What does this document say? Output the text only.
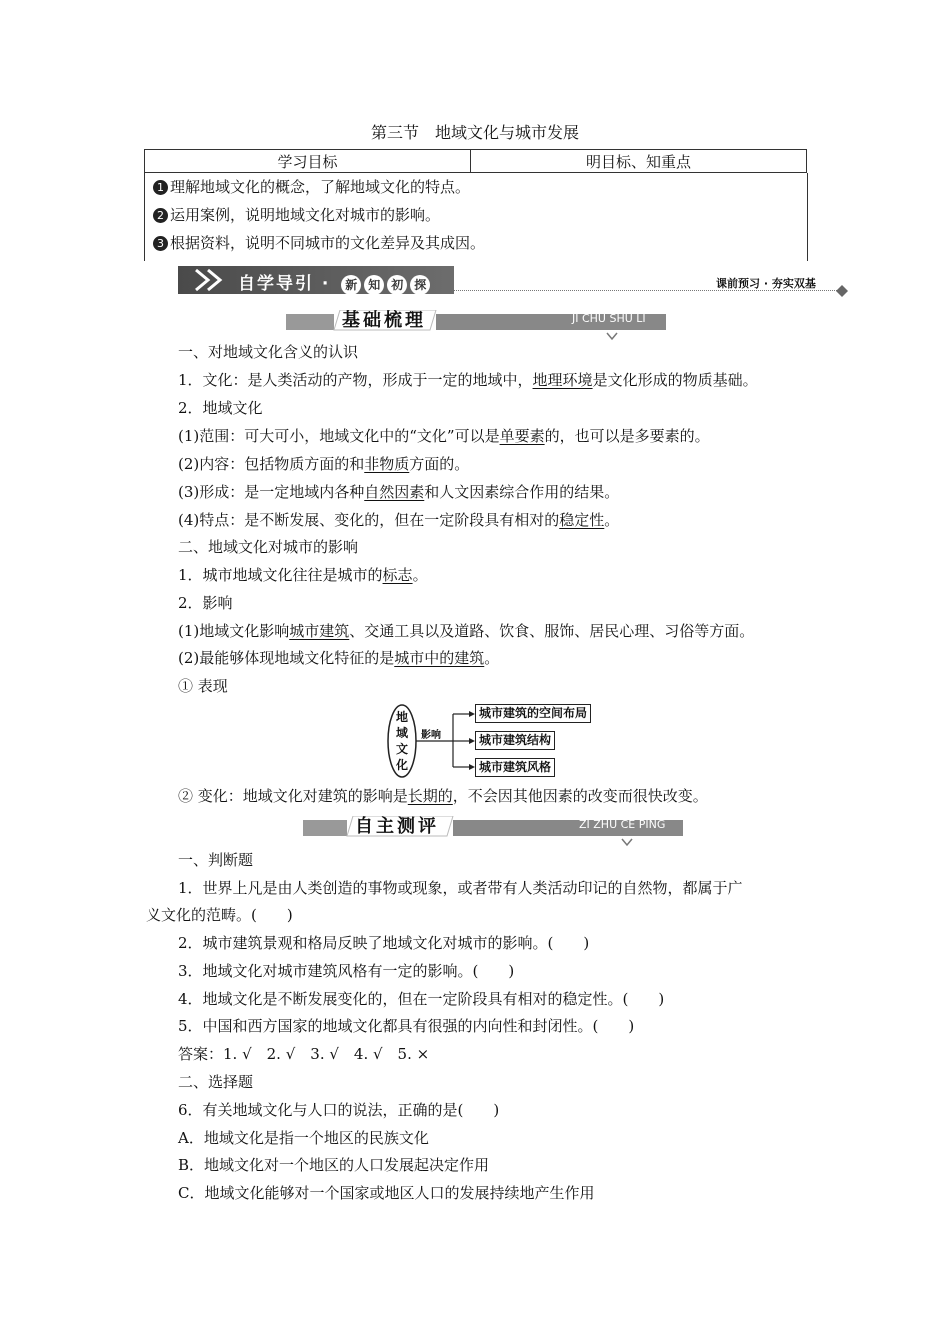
第三节　地域文化与城市发展
学习目标	明目标、知重点
1 理解地域文化的概念，了解地域文化的特点。
2 运用案例，说明地域文化对城市的影响。
3 根据资料，说明不同城市的文化差异及其成因。
自学导引 · 新 知 初 探	课前预习 · 夯实双基
基础梳理	JI CHU SHU LI
一、对地域文化含义的认识
1．文化：是人类活动的产物，形成于一定的地域中，地理环境是文化形成的物质基础。
2．地域文化
(1)范围：可大可小，地域文化中的“文化”可以是单要素的，也可以是多要素的。
(2)内容：包括物质方面的和非物质方面的。
(3)形成：是一定地域内各种自然因素和人文因素综合作用的结果。
(4)特点：是不断发展、变化的，但在一定阶段具有相对的稳定性。
二、地域文化对城市的影响
1．城市地域文化往往是城市的标志。
2．影响
(1)地域文化影响城市建筑、交通工具以及道路、饮食、服饰、居民心理、习俗等方面。
(2)最能够体现地域文化特征的是城市中的建筑。
① 表现
地
域
文
化
影响
城市建筑的空间布局
城市建筑结构
城市建筑风格
② 变化：地域文化对建筑的影响是长期的，不会因其他因素的改变而很快改变。
自主测评	ZI ZHU CE PING
一、判断题
1．世界上凡是由人类创造的事物或现象，或者带有人类活动印记的自然物，都属于广
义文化的范畴。(　　)
2．城市建筑景观和格局反映了地域文化对城市的影响。(　　)
3．地域文化对城市建筑风格有一定的影响。(　　)
4．地域文化是不断发展变化的，但在一定阶段具有相对的稳定性。(　　)
5．中国和西方国家的地域文化都具有很强的内向性和封闭性。(　　)
答案：1. √　2. √　3. √　4. √　5. ×
二、选择题
6．有关地域文化与人口的说法，正确的是(　　)
A．地域文化是指一个地区的民族文化
B．地域文化对一个地区的人口发展起决定作用
C．地域文化能够对一个国家或地区人口的发展持续地产生作用
